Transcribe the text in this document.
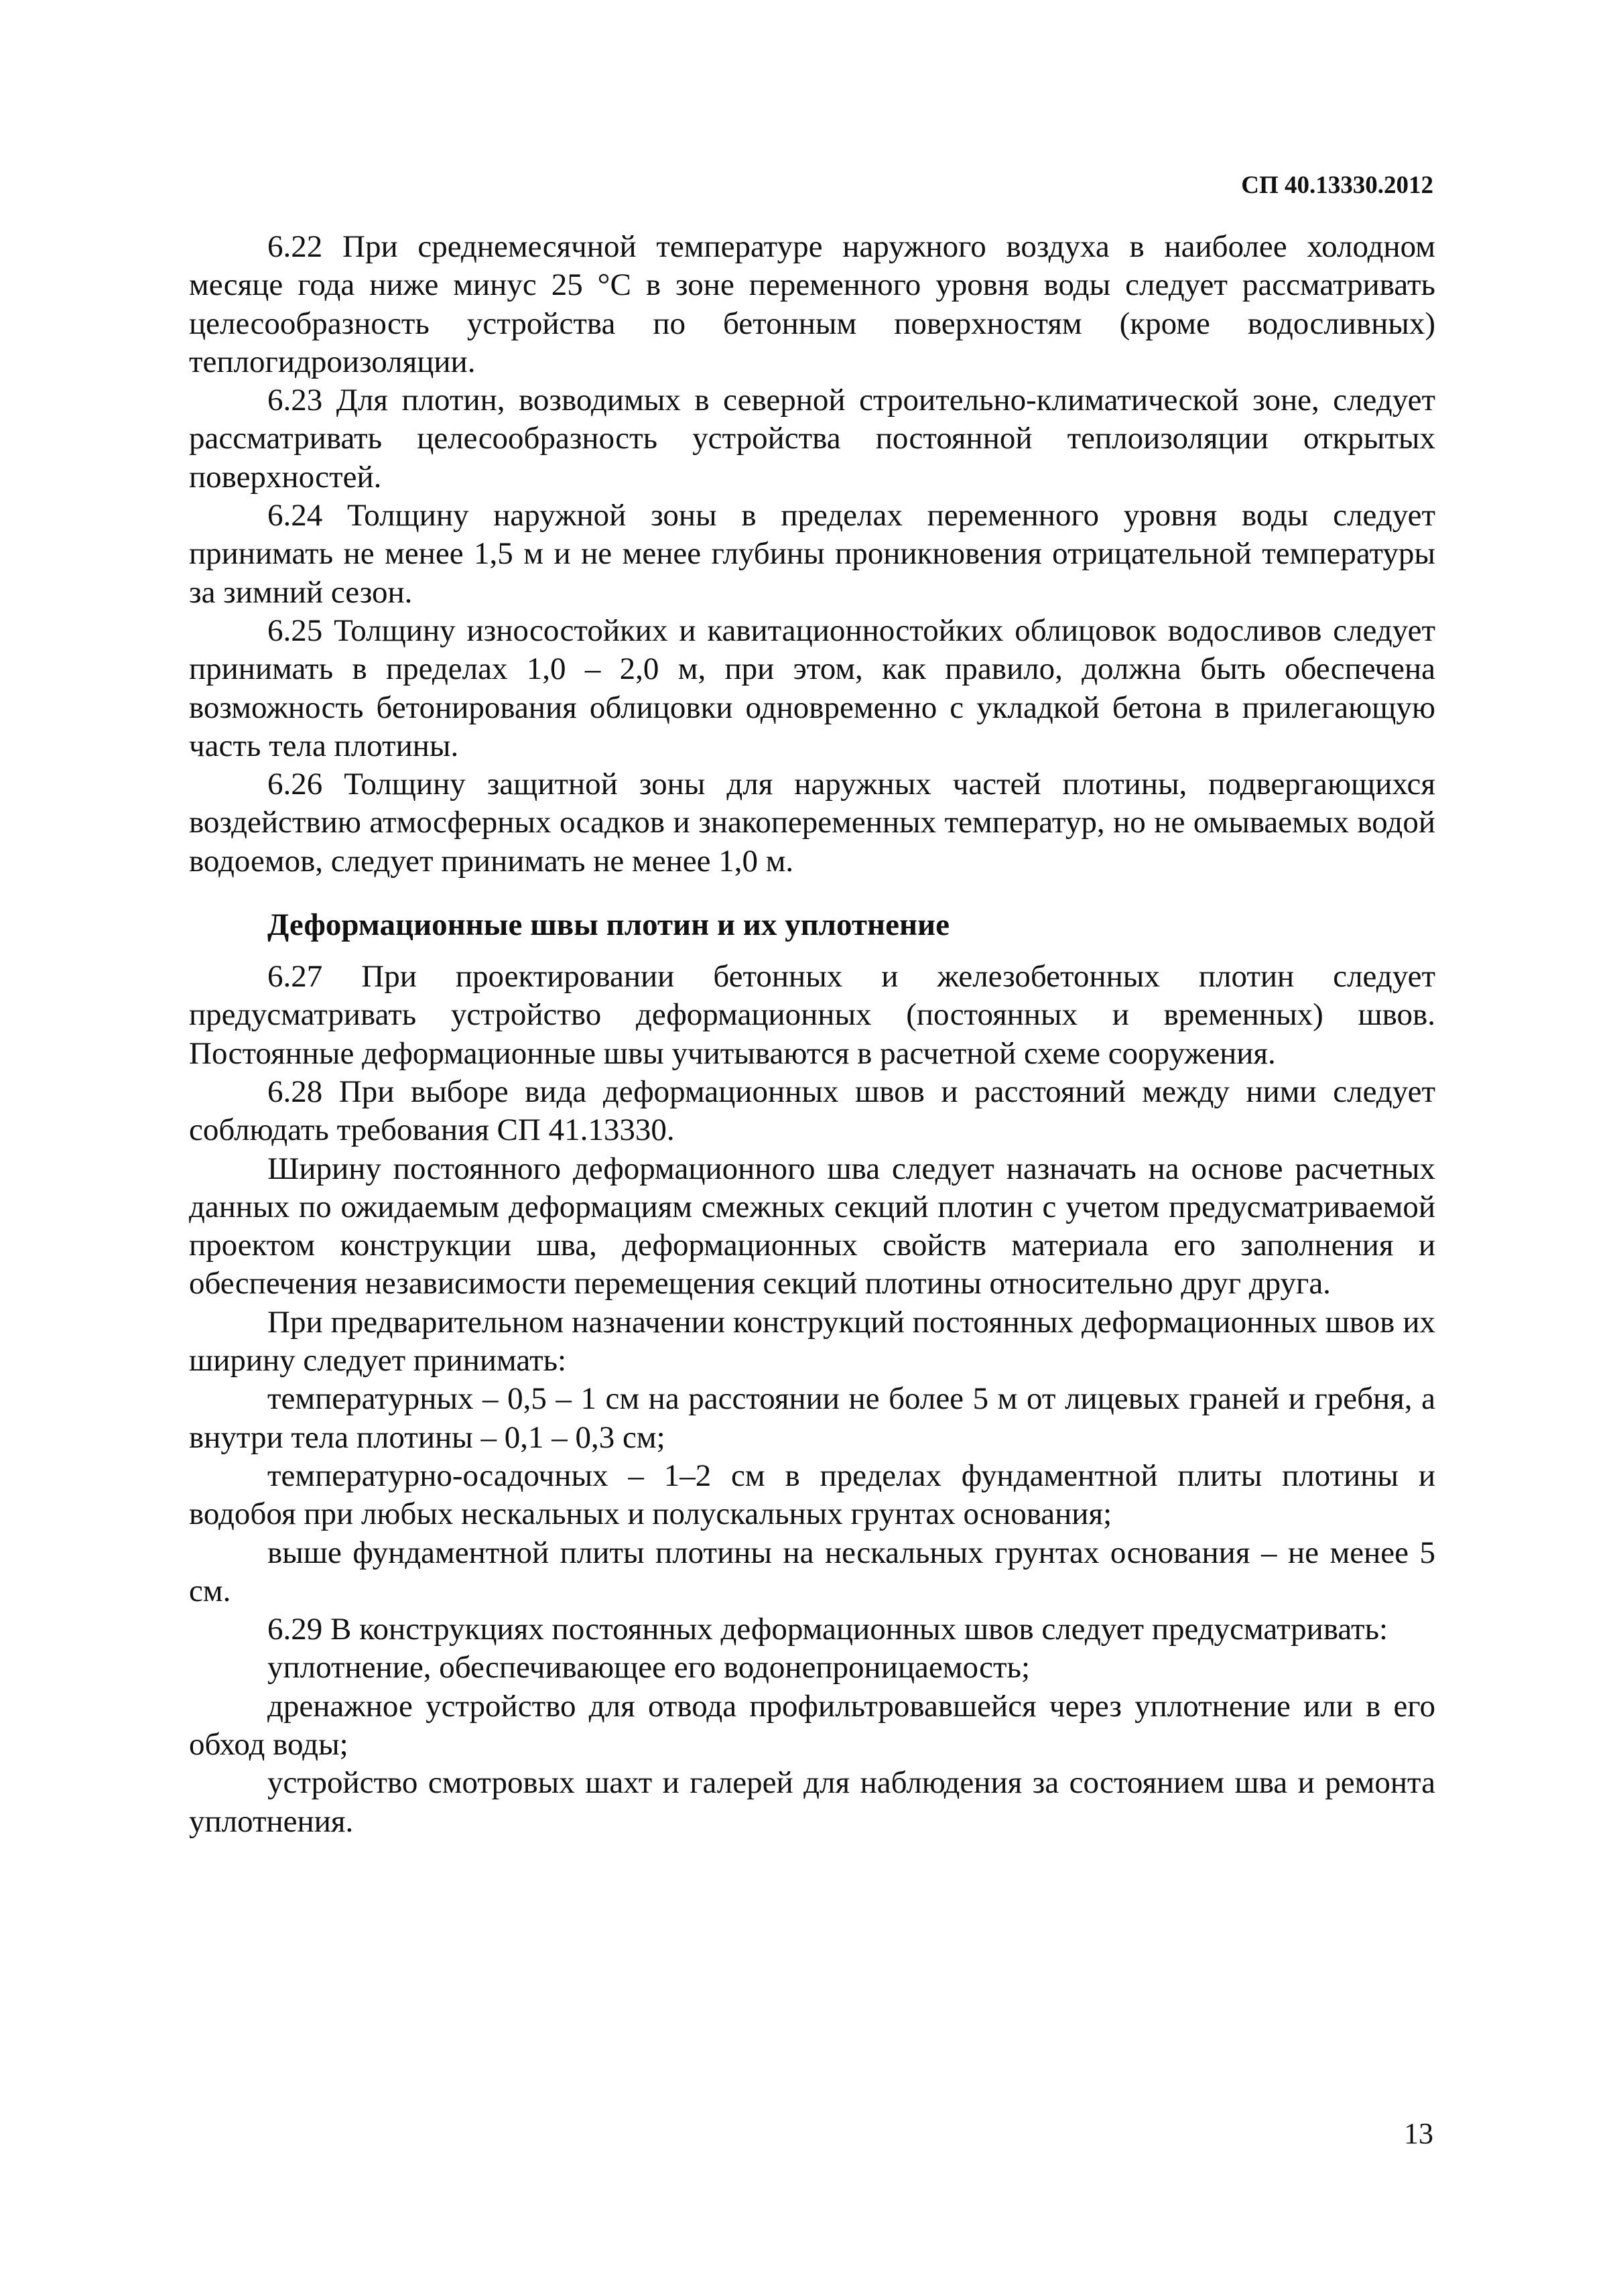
СП 40.13330.2012

6.22 При среднемесячной температуре наружного воздуха в наиболее холодном месяце года ниже минус 25 °С в зоне переменного уровня воды следует рассматривать целесообразность устройства по бетонным поверхностям (кроме водосливных) теплогидроизоляции.

6.23 Для плотин, возводимых в северной строительно-климатической зоне, следует рассматривать целесообразность устройства постоянной теплоизоляции открытых поверхностей.

6.24 Толщину наружной зоны в пределах переменного уровня воды следует принимать не менее 1,5 м и не менее глубины проникновения отрицательной температуры за зимний сезон.

6.25 Толщину износостойких и кавитационностойких облицовок водосливов следует принимать в пределах 1,0 – 2,0 м, при этом, как правило, должна быть обеспечена возможность бетонирования облицовки одновременно с укладкой бетона в прилегающую часть тела плотины.

6.26 Толщину защитной зоны для наружных частей плотины, подвергающихся воздействию атмосферных осадков и знакопеременных температур, но не омываемых водой водоемов, следует принимать не менее 1,0 м.

Деформационные швы плотин и их уплотнение

6.27 При проектировании бетонных и железобетонных плотин следует предусматривать устройство деформационных (постоянных и временных) швов. Постоянные деформационные швы учитываются в расчетной схеме сооружения.

6.28 При выборе вида деформационных швов и расстояний между ними следует соблюдать требования СП 41.13330.

Ширину постоянного деформационного шва следует назначать на основе расчетных данных по ожидаемым деформациям смежных секций плотин с учетом предусматриваемой проектом конструкции шва, деформационных свойств материала его заполнения и обеспечения независимости перемещения секций плотины относительно друг друга.

При предварительном назначении конструкций постоянных деформационных швов их ширину следует принимать:

температурных – 0,5 – 1 см на расстоянии не более 5 м от лицевых граней и гребня, а внутри тела плотины – 0,1 – 0,3 см;

температурно-осадочных – 1–2 см в пределах фундаментной плиты плотины и водобоя при любых нескальных и полускальных грунтах основания;

выше фундаментной плиты плотины на нескальных грунтах основания – не менее 5 см.

6.29 В конструкциях постоянных деформационных швов следует предусматривать:

уплотнение, обеспечивающее его водонепроницаемость;

дренажное устройство для отвода профильтровавшейся через уплотнение или в его обход воды;

устройство смотровых шахт и галерей для наблюдения за состоянием шва и ремонта уплотнения.

13
